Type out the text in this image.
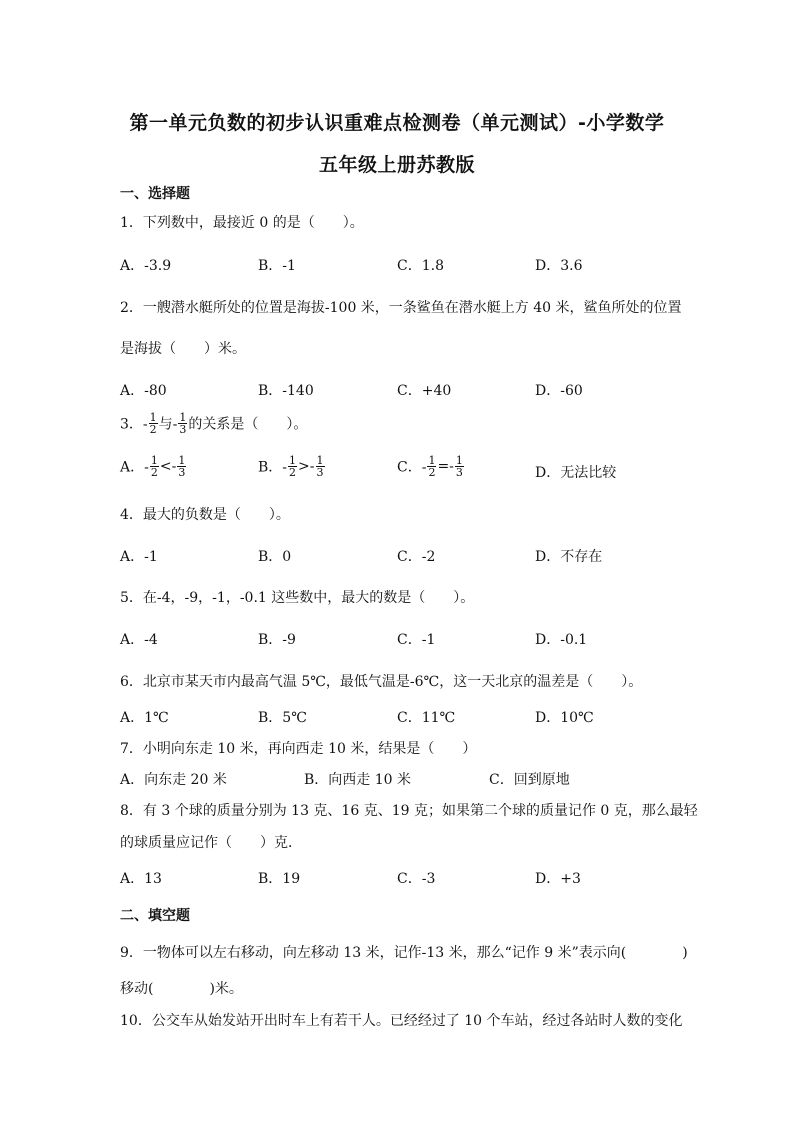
第一单元负数的初步认识重难点检测卷（单元测试）-小学数学
五年级上册苏教版
一、选择题
1．下列数中，最接近 0 的是（　　）。
A．-3.9	B．-1	C．1.8	D．3.6
2．一艘潜水艇所处的位置是海拔-100 米，一条鲨鱼在潜水艇上方 40 米，鲨鱼所处的位置
是海拔（　　）米。
A．-80	B．-140	C．+40	D．-60
3．- $\frac{1}{2}$ 与- $\frac{1}{3}$ 的关系是（　　）。
A．- $\frac{1}{2} <- \frac{1}{3}$	B．- $\frac{1}{2} >- \frac{1}{3}$	C．- $\frac{1}{2} =- \frac{1}{3}$	D．无法比较
4．最大的负数是（　　）。
A．-1	B．0	C．-2	D．不存在
5．在-4，-9，-1，-0.1 这些数中，最大的数是（　　）。
A．-4	B．-9	C．-1	D．-0.1
6．北京市某天市内最高气温 5℃，最低气温是-6℃，这一天北京的温差是（　　）。
A．1℃	B．5℃	C．11℃	D．10℃
7．小明向东走 10 米，再向西走 10 米，结果是（　　）
A．向东走 20 米	B．向西走 10 米	C．回到原地
8．有 3 个球的质量分别为 13 克、16 克、19 克；如果第二个球的质量记作 0 克，那么最轻
的球质量应记作（　　）克．
A．13	B．19	C．-3	D．+3
二、填空题
9．一物体可以左右移动，向左移动 13 米，记作-13 米，那么“记作 9 米”表示向(　　　　)
移动(　　　　)米。
10．公交车从始发站开出时车上有若干人。已经经过了 10 个车站，经过各站时人数的变化
